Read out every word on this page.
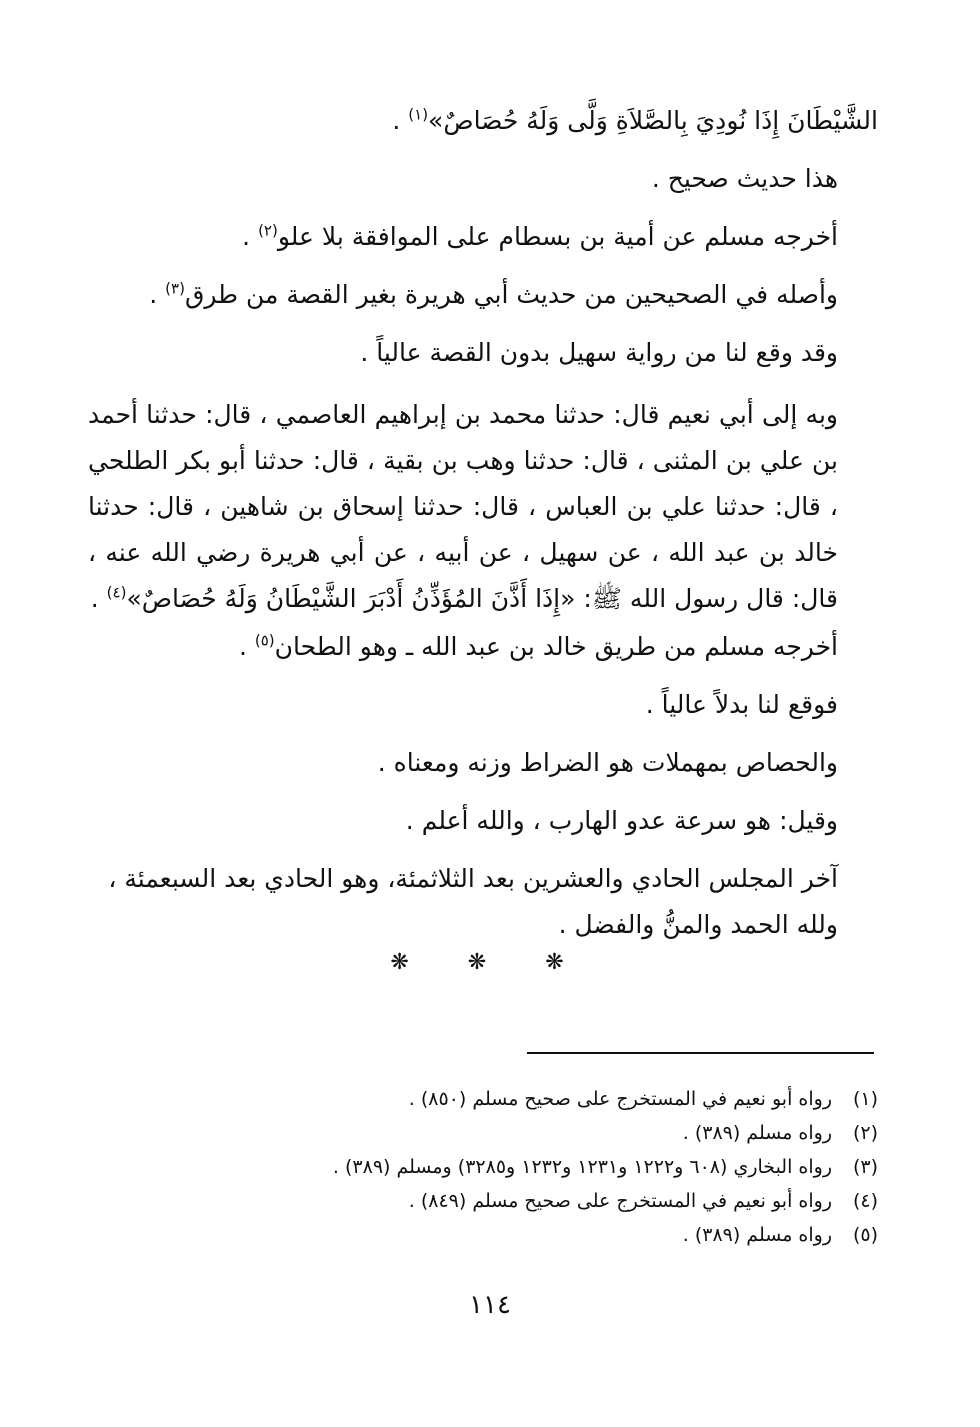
الشَّيْطَانَ إِذَا نُودِيَ بِالصَّلاَةِ وَلَّى وَلَهُ حُصَاصٌ»$^{(١)}$ .

هذا حديث صحيح .

أخرجه مسلم عن أمية بن بسطام على الموافقة بلا علو$^{(٢)}$ .

وأصله في الصحيحين من حديث أبي هريرة بغير القصة من طرق$^{(٣)}$ .

وقد وقع لنا من رواية سهيل بدون القصة عالياً .

وبه إلى أبي نعيم قال: حدثنا محمد بن إبراهيم العاصمي ، قال: حدثنا أحمد بن علي بن المثنى ، قال: حدثنا وهب بن بقية ، قال: حدثنا أبو بكر الطلحي ، قال: حدثنا علي بن العباس ، قال: حدثنا إسحاق بن شاهين ، قال: حدثنا خالد بن عبد الله ، عن سهيل ، عن أبيه ، عن أبي هريرة رضي الله عنه ، قال: قال رسول الله ﷺ: «إِذَا أَذَّنَ المُؤَذِّنُ أَدْبَرَ الشَّيْطَانُ وَلَهُ حُصَاصٌ»$^{(٤)}$ .

أخرجه مسلم من طريق خالد بن عبد الله ـ وهو الطحان$^{(٥)}$ .

فوقع لنا بدلاً عالياً .

والحصاص بمهملات هو الضراط وزنه ومعناه .

وقيل: هو سرعة عدو الهارب ، والله أعلم .

آخر المجلس الحادي والعشرين بعد الثلاثمئة، وهو الحادي بعد السبعمئة ، ولله الحمد والمنُّ والفضل .

❋ ❋ ❋
(١)
رواه أبو نعيم في المستخرج على صحيح مسلم (٨٥٠) .
(٢)
رواه مسلم (٣٨٩) .
(٣)
رواه البخاري (٦٠٨ و١٢٢٢ و١٢٣١ و١٢٣٢ و٣٢٨٥) ومسلم (٣٨٩) .
(٤)
رواه أبو نعيم في المستخرج على صحيح مسلم (٨٤٩) .
(٥)
رواه مسلم (٣٨٩) .
١١٤
